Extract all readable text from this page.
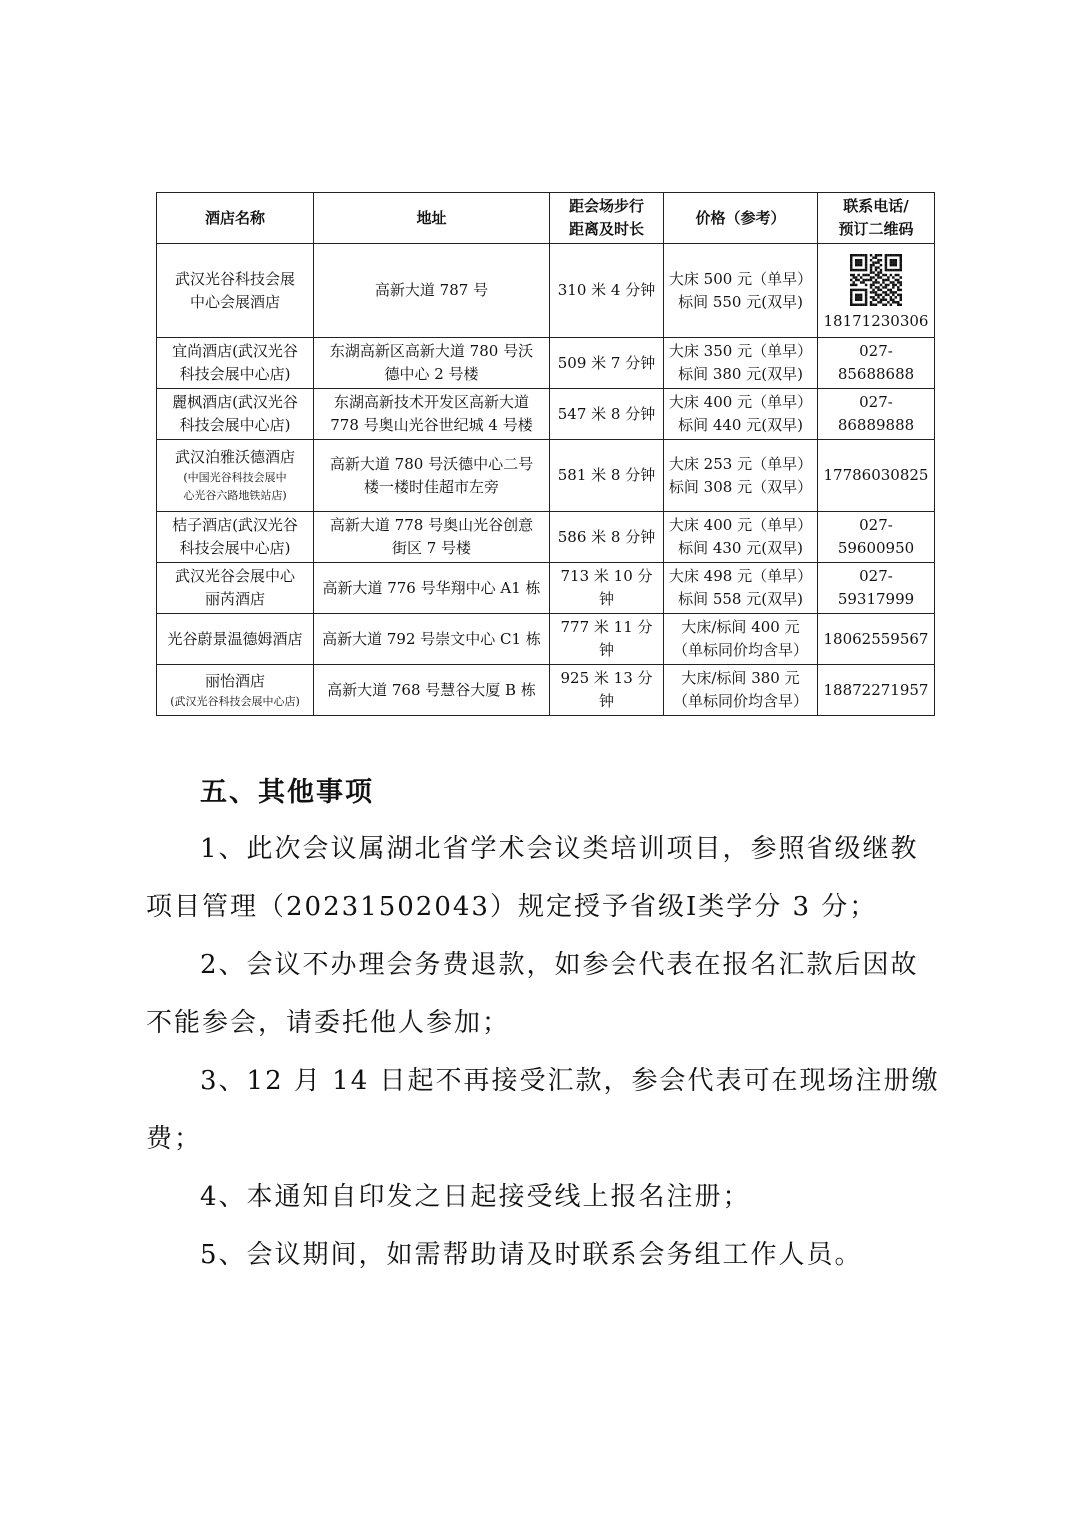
酒店名称	地址	距会场步行
距离及时长	价格（参考）	联系电话/
预订二维码

武汉光谷科技会展
中心会展酒店	高新大道 787 号	310 米 4 分钟	大床 500 元（单早）
标间 550 元(双早)	18171230306

宜尚酒店(武汉光谷
科技会展中心店)	东湖高新区高新大道 780 号沃
德中心 2 号楼	509 米 7 分钟	大床 350 元（单早）
标间 380 元(双早)	027-85688688

麗枫酒店(武汉光谷
科技会展中心店)	东湖高新技术开发区高新大道
778 号奥山光谷世纪城 4 号楼	547 米 8 分钟	大床 400 元（单早）
标间 440 元(双早)	027-86889888

武汉泊雅沃德酒店
(中国光谷科技会展中
心光谷六路地铁站店)	高新大道 780 号沃德中心二号
楼一楼时佳超市左旁	581 米 8 分钟	大床 253 元（单早）
标间 308 元（双早）	17786030825

桔子酒店(武汉光谷
科技会展中心店)	高新大道 778 号奥山光谷创意
街区 7 号楼	586 米 8 分钟	大床 400 元（单早）
标间 430 元(双早)	027-59600950

武汉光谷会展中心
丽芮酒店	高新大道 776 号华翔中心 A1 栋	713 米 10 分钟	大床 498 元（单早）
标间 558 元(双早)	027-59317999

光谷蔚景温德姆酒店	高新大道 792 号崇文中心 C1 栋	777 米 11 分钟	大床/标间 400 元
（单标同价均含早）	18062559567

丽怡酒店
(武汉光谷科技会展中心店)	高新大道 768 号慧谷大厦 B 栋	925 米 13 分钟	大床/标间 380 元
（单标同价均含早）	18872271957
五、其他事项
1、此次会议属湖北省学术会议类培训项目，参照省级继教
项目管理（20231502043）规定授予省级Ⅰ类学分 3 分；
2、会议不办理会务费退款，如参会代表在报名汇款后因故
不能参会，请委托他人参加；
3、12 月 14 日起不再接受汇款，参会代表可在现场注册缴
费；
4、本通知自印发之日起接受线上报名注册；
5、会议期间，如需帮助请及时联系会务组工作人员。
